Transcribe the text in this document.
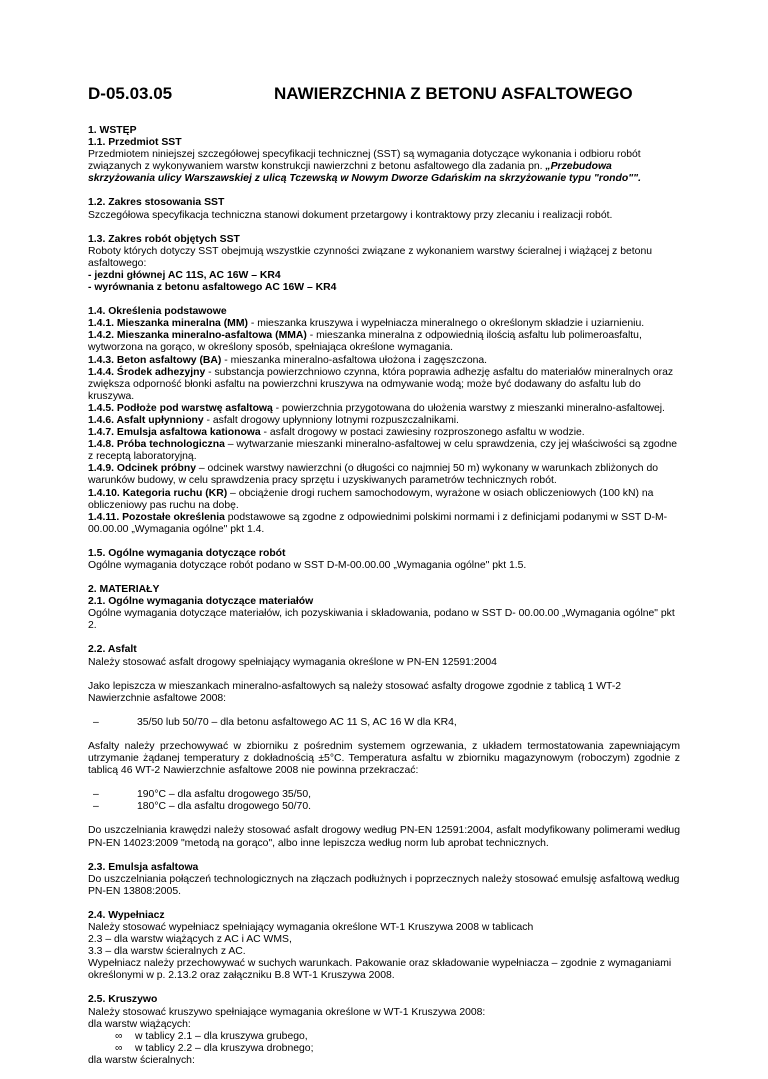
D-05.03.05	NAWIERZCHNIA Z BETONU ASFALTOWEGO
1. WSTĘP
1.1. Przedmiot SST
Przedmiotem niniejszej szczegółowej specyfikacji technicznej (SST) są wymagania dotyczące wykonania i odbioru robót związanych z wykonywaniem warstw konstrukcji nawierzchni z betonu asfaltowego dla zadania pn. „Przebudowa skrzyżowania ulicy Warszawskiej z ulicą Tczewską w Nowym Dworze Gdańskim na skrzyżowanie typu "rondo"".
1.2. Zakres stosowania SST
Szczegółowa specyfikacja techniczna stanowi dokument przetargowy i kontraktowy przy zlecaniu i realizacji robót.
1.3. Zakres robót objętych SST
Roboty których dotyczy SST obejmują wszystkie czynności związane z wykonaniem warstwy ścieralnej i wiążącej z betonu asfaltowego:
- jezdni głównej AC 11S, AC 16W – KR4
- wyrównania z betonu asfaltowego AC 16W – KR4
1.4. Określenia podstawowe
1.4.1. Mieszanka mineralna (MM) - mieszanka kruszywa i wypełniacza mineralnego o określonym składzie i uziarnieniu.
1.4.2. Mieszanka mineralno-asfaltowa (MMA) - mieszanka mineralna z odpowiednią ilością asfaltu lub polimeroasfaltu, wytworzona na gorąco, w określony sposób, spełniająca określone wymagania.
1.4.3. Beton asfaltowy (BA) - mieszanka mineralno-asfaltowa ułożona i zagęszczona.
1.4.4. Środek adhezyjny - substancja powierzchniowo czynna, która poprawia adhezję asfaltu do materiałów mineralnych oraz zwiększa odporność błonki asfaltu na powierzchni kruszywa na odmywanie wodą; może być dodawany do asfaltu lub do kruszywa.
1.4.5. Podłoże pod warstwę asfaltową - powierzchnia przygotowana do ułożenia warstwy z mieszanki mineralno-asfaltowej.
1.4.6. Asfalt upłynniony - asfalt drogowy upłynniony lotnymi rozpuszczalnikami.
1.4.7. Emulsja asfaltowa kationowa - asfalt drogowy w postaci zawiesiny rozproszonego asfaltu w wodzie.
1.4.8. Próba technologiczna – wytwarzanie mieszanki mineralno-asfaltowej w celu sprawdzenia, czy jej właściwości są zgodne z receptą laboratoryjną.
1.4.9. Odcinek próbny – odcinek warstwy nawierzchni (o długości co najmniej 50 m) wykonany w warunkach zbliżonych do warunków budowy, w celu sprawdzenia pracy sprzętu i uzyskiwanych parametrów technicznych robót.
1.4.10. Kategoria ruchu (KR) – obciążenie drogi ruchem samochodowym, wyrażone w osiach obliczeniowych (100 kN) na obliczeniowy pas ruchu na dobę.
1.4.11. Pozostałe określenia podstawowe są zgodne z odpowiednimi polskimi normami i z definicjami podanymi w SST D-M-00.00.00 „Wymagania ogólne" pkt 1.4.
1.5. Ogólne wymagania dotyczące robót
Ogólne wymagania dotyczące robót podano w SST D-M-00.00.00 „Wymagania ogólne" pkt 1.5.
2. MATERIAŁY
2.1. Ogólne wymagania dotyczące materiałów
Ogólne wymagania dotyczące materiałów, ich pozyskiwania i składowania, podano w SST D- 00.00.00 „Wymagania ogólne" pkt 2.
2.2. Asfalt
Należy stosować asfalt drogowy spełniający wymagania określone w PN-EN 12591:2004
Jako lepiszcza w mieszankach mineralno-asfaltowych są należy stosować asfalty drogowe zgodnie z tablicą 1 WT-2 Nawierzchnie asfaltowe 2008:
–	35/50 lub 50/70 – dla betonu asfaltowego AC 11 S, AC 16 W dla KR4,
Asfalty należy przechowywać w zbiorniku z pośrednim systemem ogrzewania, z układem termostatowania zapewniającym utrzymanie żądanej temperatury z dokładnością ±5°C. Temperatura asfaltu w zbiorniku magazynowym (roboczym) zgodnie z tablicą 46 WT-2 Nawierzchnie asfaltowe 2008 nie powinna przekraczać:
–	190°C – dla asfaltu drogowego 35/50,
–	180°C – dla asfaltu drogowego 50/70.
Do uszczelniania krawędzi należy stosować asfalt drogowy według PN-EN 12591:2004, asfalt modyfikowany polimerami według PN-EN 14023:2009 "metodą na gorąco", albo inne lepiszcza według norm lub aprobat technicznych.
2.3. Emulsja asfaltowa
Do uszczelniania połączeń technologicznych na złączach podłużnych i poprzecznych należy stosować emulsję asfaltową według PN-EN 13808:2005.
2.4. Wypełniacz
Należy stosować wypełniacz spełniający wymagania określone WT-1 Kruszywa 2008 w tablicach
2.3 – dla warstw wiążących z AC i AC WMS,
3.3 – dla warstw ścieralnych z AC.
Wypełniacz należy przechowywać w suchych warunkach. Pakowanie oraz składowanie wypełniacza – zgodnie z wymaganiami określonymi w p. 2.13.2 oraz załączniku B.8 WT-1 Kruszywa 2008.
2.5. Kruszywo
Należy stosować kruszywo spełniające wymagania określone w WT-1 Kruszywa 2008:
dla warstw wiążących:
∞ w tablicy 2.1 – dla kruszywa grubego,
∞ w tablicy 2.2 – dla kruszywa drobnego;
dla warstw ścieralnych:
